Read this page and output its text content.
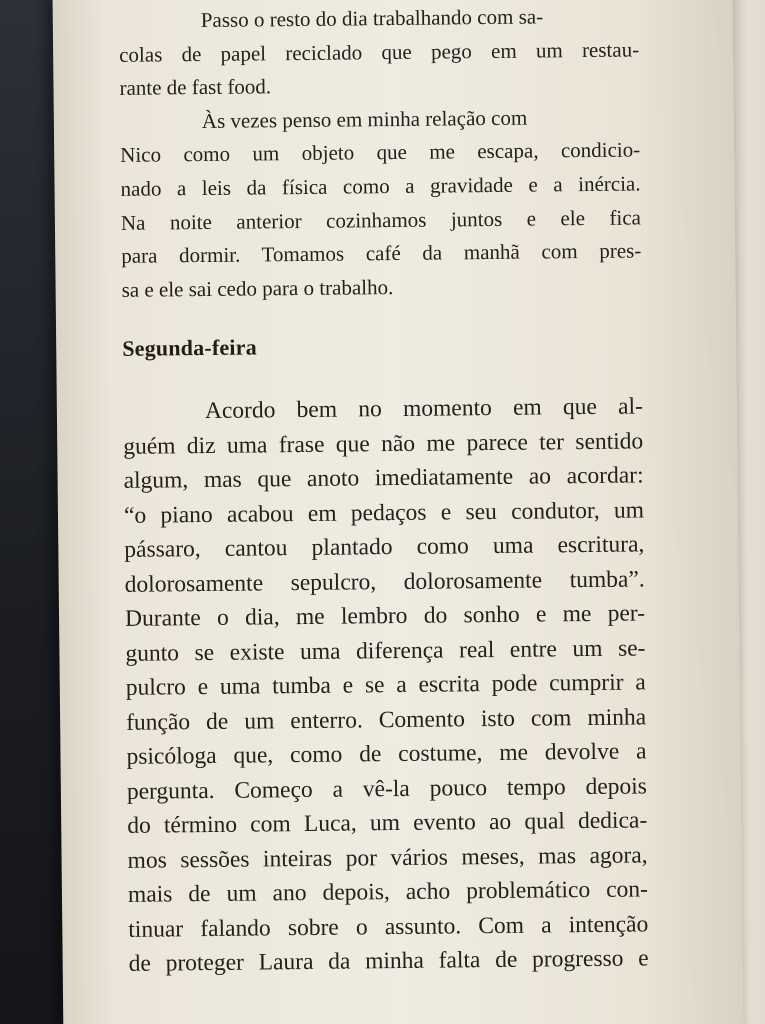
Passo o resto do dia trabalhando com sa-
colas de papel reciclado que pego em um restau-
rante de fast food.
Às vezes penso em minha relação com
Nico como um objeto que me escapa, condicio-
nado a leis da física como a gravidade e a inércia.
Na noite anterior cozinhamos juntos e ele fica
para dormir. Tomamos café da manhã com pres-
sa e ele sai cedo para o trabalho.
Segunda-feira
Acordo bem no momento em que al-
guém diz uma frase que não me parece ter sentido
algum, mas que anoto imediatamente ao acordar:
“o piano acabou em pedaços e seu condutor, um
pássaro, cantou plantado como uma escritura,
dolorosamente sepulcro, dolorosamente tumba”.
Durante o dia, me lembro do sonho e me per-
gunto se existe uma diferença real entre um se-
pulcro e uma tumba e se a escrita pode cumprir a
função de um enterro. Comento isto com minha
psicóloga que, como de costume, me devolve a
pergunta. Começo a vê-la pouco tempo depois
do término com Luca, um evento ao qual dedica-
mos sessões inteiras por vários meses, mas agora,
mais de um ano depois, acho problemático con-
tinuar falando sobre o assunto. Com a intenção
de proteger Laura da minha falta de progresso e
